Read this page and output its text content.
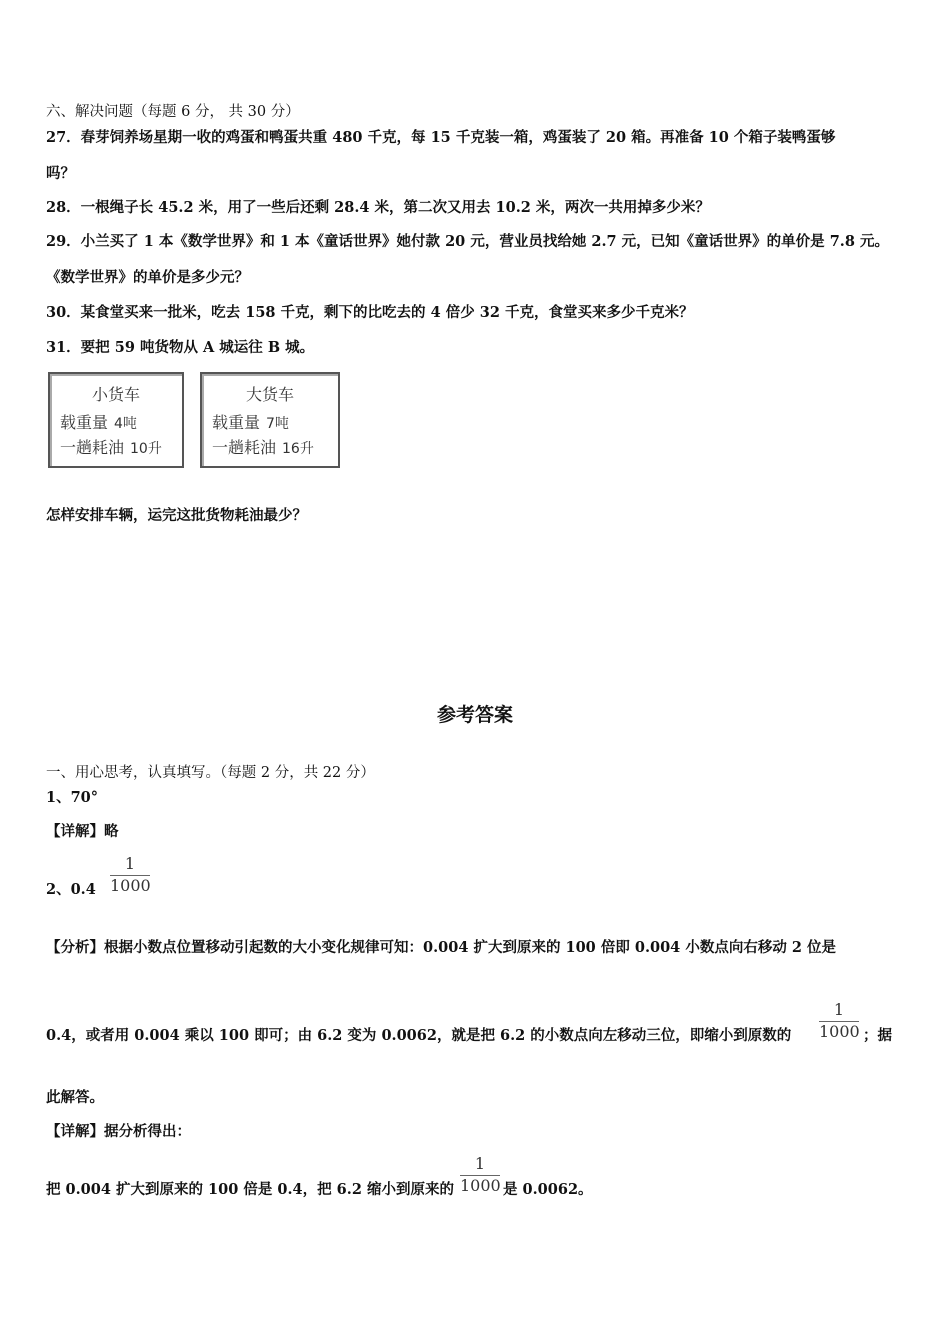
六、解决问题（每题 6 分， 共 30 分）
27．春芽饲养场星期一收的鸡蛋和鸭蛋共重 480 千克，每 15 千克装一箱，鸡蛋装了 20 箱。再准备 10 个箱子装鸭蛋够
吗？
28．一根绳子长 45.2 米，用了一些后还剩 28.4 米，第二次又用去 10.2 米，两次一共用掉多少米？
29．小兰买了 1 本《数学世界》和 1 本《童话世界》她付款 20 元，营业员找给她 2.7 元，已知《童话世界》的单价是 7.8 元。
《数学世界》的单价是多少元？
30．某食堂买来一批米，吃去 158 千克，剩下的比吃去的 4 倍少 32 千克，食堂买来多少千克米？
31．要把 59 吨货物从 A 城运往 B 城。
小货车
载重量 4吨
一趟耗油 10升
大货车
载重量 7吨
一趟耗油 16升
怎样安排车辆，运完这批货物耗油最少？
参考答案
一、用心思考，认真填写。（每题 2 分，共 22 分）
1、70°
【详解】略
2、0.4
1
1000
【分析】根据小数点位置移动引起数的大小变化规律可知：0.004 扩大到原来的 100 倍即 0.004 小数点向右移动 2 位是
0.4，或者用 0.004 乘以 100 即可；由 6.2 变为 0.0062，就是把 6.2 的小数点向左移动三位，即缩小到原数的
1
1000 ；据
此解答。
【详解】据分析得出：
把 0.004 扩大到原来的 100 倍是 0.4，把 6.2 缩小到原来的
1
1000 是 0.0062。
